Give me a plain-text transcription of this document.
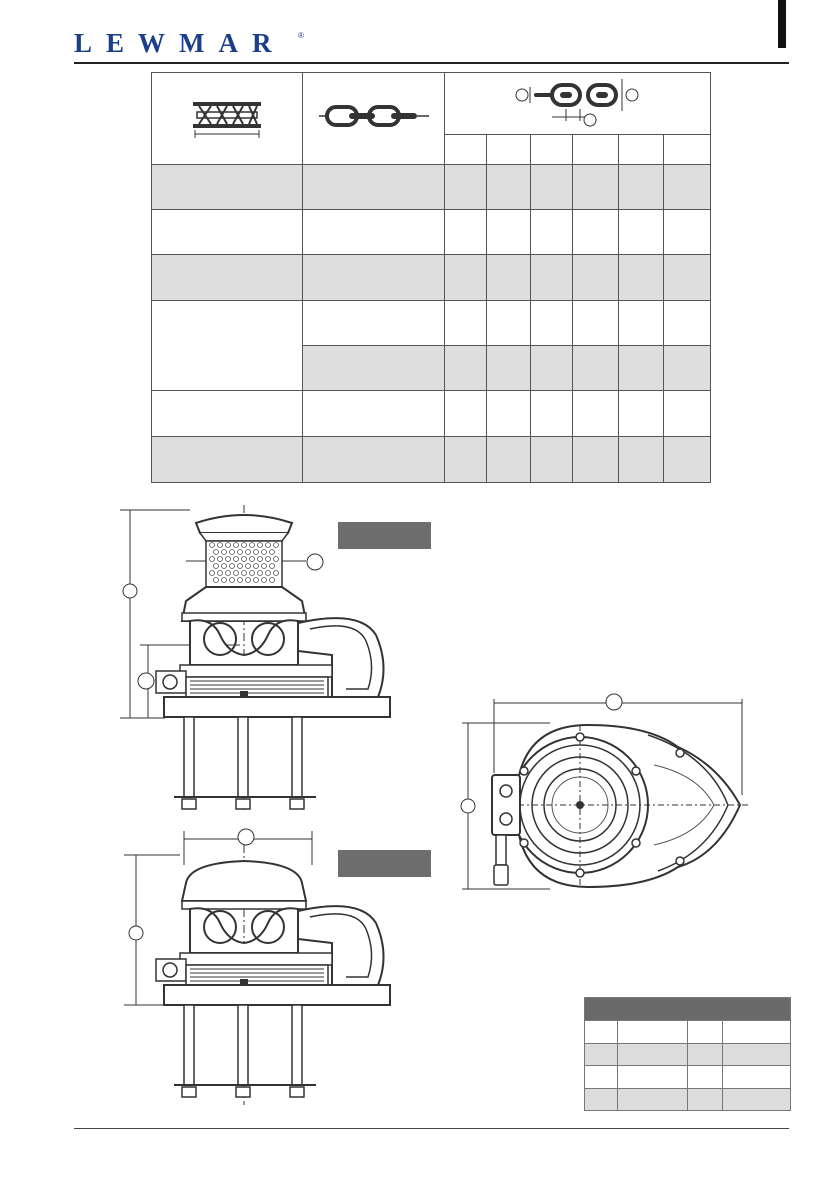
LEWMAR ®
